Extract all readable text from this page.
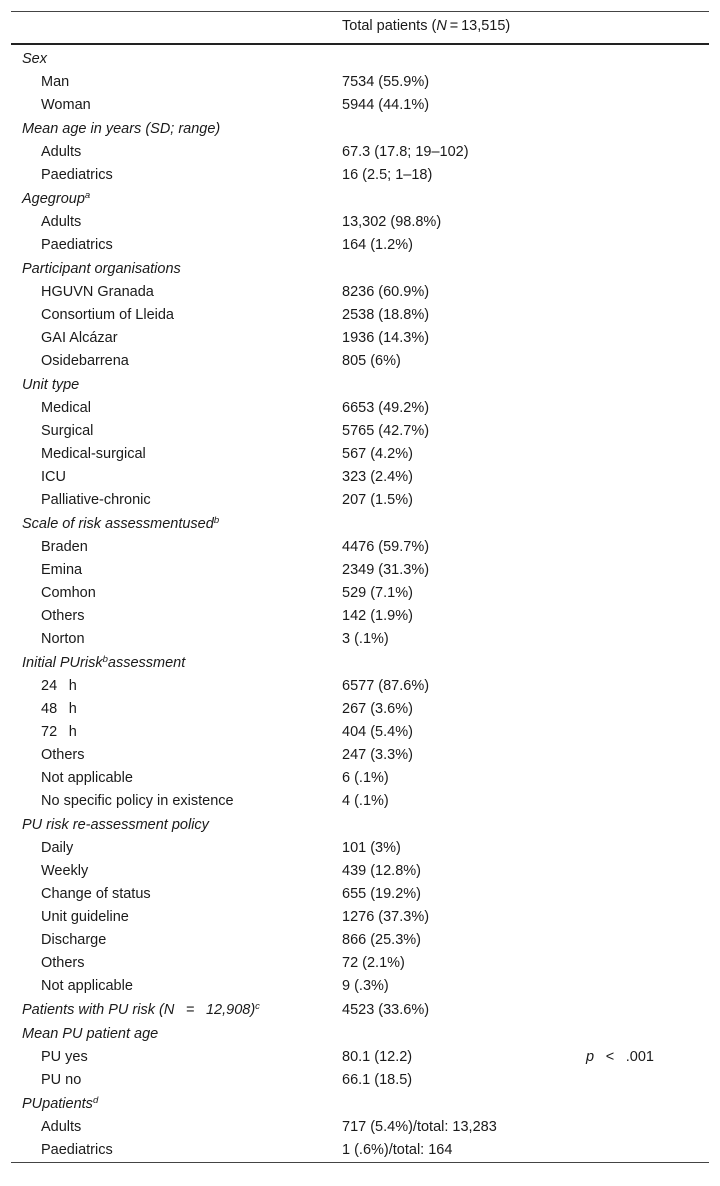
Total patients (N = 13,515)
Sex
Man	7534 (55.9%)
Woman	5944 (44.1%)
Mean age in years (SD; range)
Adults	67.3 (17.8; 19–102)
Paediatrics	16 (2.5; 1–18)
Agegroup$^a$
Adults	13,302 (98.8%)
Paediatrics	164 (1.2%)
Participant organisations
HGUVN Granada	8236 (60.9%)
Consortium of Lleida	2538 (18.8%)
GAI Alcázar	1936 (14.3%)
Osidebarrena	805 (6%)
Unit type
Medical	6653 (49.2%)
Surgical	5765 (42.7%)
Medical-surgical	567 (4.2%)
ICU	323 (2.4%)
Palliative-chronic	207 (1.5%)
Scale of risk assessmentused$^b$
Braden	4476 (59.7%)
Emina	2349 (31.3%)
Comhon	529 (7.1%)
Others	142 (1.9%)
Norton	3 (.1%)
Initial PUrisk$^b$assessment
24    h	6577 (87.6%)
48    h	267 (3.6%)
72    h	404 (5.4%)
Others	247 (3.3%)
Not applicable	6 (.1%)
No specific policy in existence	4 (.1%)
PU risk re-assessment policy
Daily	101 (3%)
Weekly	439 (12.8%)
Change of status	655 (19.2%)
Unit guideline	1276 (37.3%)
Discharge	866 (25.3%)
Others	72 (2.1%)
Not applicable	9 (.3%)
Patients with PU risk (N    =    12,908)$^c$	4523 (33.6%)
Mean PU patient age
PU yes	80.1 (12.2)	p    <    .001
PU no	66.1 (18.5)
PUpatients$^d$
Adults	717 (5.4%)/total: 13,283
Paediatrics	1 (.6%)/total: 164
